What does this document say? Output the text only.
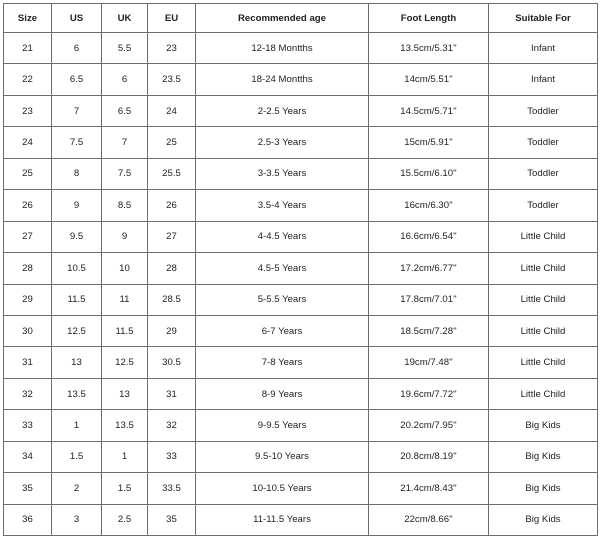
Size	US	UK	EU	Recommended age	Foot Length	Suitable For
21	6	5.5	23	12-18 Montths	13.5cm/5.31''	Infant
22	6.5	6	23.5	18-24 Montths	14cm/5.51''	Infant
23	7	6.5	24	2-2.5 Years	14.5cm/5.71''	Toddler
24	7.5	7	25	2.5-3 Years	15cm/5.91''	Toddler
25	8	7.5	25.5	3-3.5 Years	15.5cm/6.10''	Toddler
26	9	8.5	26	3.5-4 Years	16cm/6.30''	Toddler
27	9.5	9	27	4-4.5 Years	16.6cm/6.54''	Little Child
28	10.5	10	28	4.5-5 Years	17.2cm/6.77''	Little Child
29	11.5	11	28.5	5-5.5 Years	17.8cm/7.01''	Little Child
30	12.5	11.5	29	6-7 Years	18.5cm/7.28''	Little Child
31	13	12.5	30.5	7-8 Years	19cm/7.48''	Little Child
32	13.5	13	31	8-9 Years	19.6cm/7.72''	Little Child
33	1	13.5	32	9-9.5 Years	20.2cm/7.95''	Big Kids
34	1.5	1	33	9.5-10 Years	20.8cm/8.19''	Big Kids
35	2	1.5	33.5	10-10.5 Years	21.4cm/8.43''	Big Kids
36	3	2.5	35	11-11.5 Years	22cm/8.66''	Big Kids
